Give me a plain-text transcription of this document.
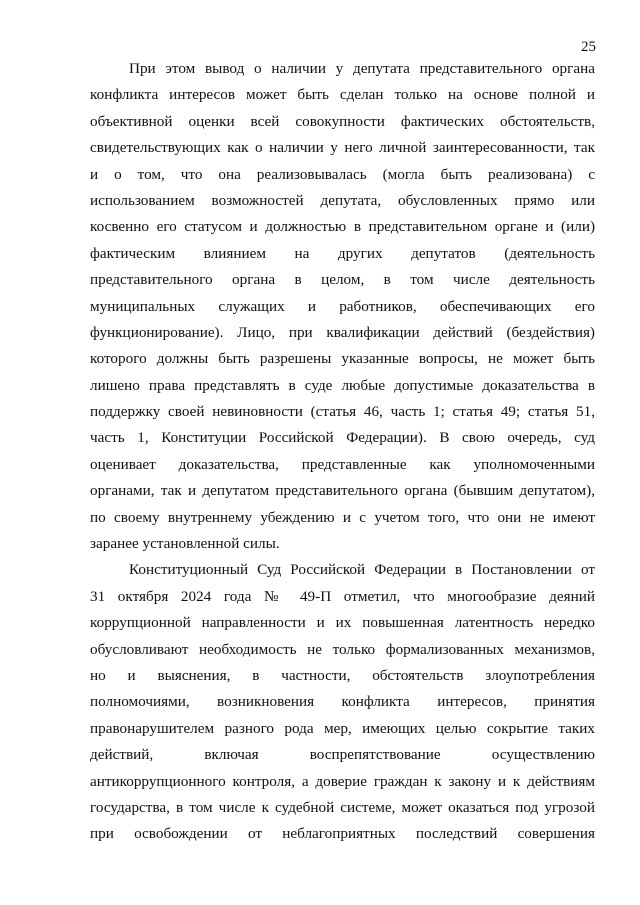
25
При этом вывод о наличии у депутата представительного органа
конфликта интересов может быть сделан только на основе полной и
объективной оценки всей совокупности фактических обстоятельств,
свидетельствующих как о наличии у него личной заинтересованности, так
и о том, что она реализовывалась (могла быть реализована) с
использованием возможностей депутата, обусловленных прямо или
косвенно его статусом и должностью в представительном органе и (или)
фактическим влиянием на других депутатов (деятельность
представительного органа в целом, в том числе деятельность
муниципальных служащих и работников, обеспечивающих его
функционирование). Лицо, при квалификации действий (бездействия)
которого должны быть разрешены указанные вопросы, не может быть
лишено права представлять в суде любые допустимые доказательства в
поддержку своей невиновности (статья 46, часть 1; статья 49; статья 51,
часть 1, Конституции Российской Федерации). В свою очередь, суд
оценивает доказательства, представленные как уполномоченными
органами, так и депутатом представительного органа (бывшим депутатом),
по своему внутреннему убеждению и с учетом того, что они не имеют
заранее установленной силы.
Конституционный Суд Российской Федерации в Постановлении от
31 октября 2024 года № 49-П отметил, что многообразие деяний
коррупционной направленности и их повышенная латентность нередко
обусловливают необходимость не только формализованных механизмов,
но и выяснения, в частности, обстоятельств злоупотребления
полномочиями, возникновения конфликта интересов, принятия
правонарушителем разного рода мер, имеющих целью сокрытие таких
действий, включая воспрепятствование осуществлению
антикоррупционного контроля, а доверие граждан к закону и к действиям
государства, в том числе к судебной системе, может оказаться под угрозой
при освобождении от неблагоприятных последствий совершения
